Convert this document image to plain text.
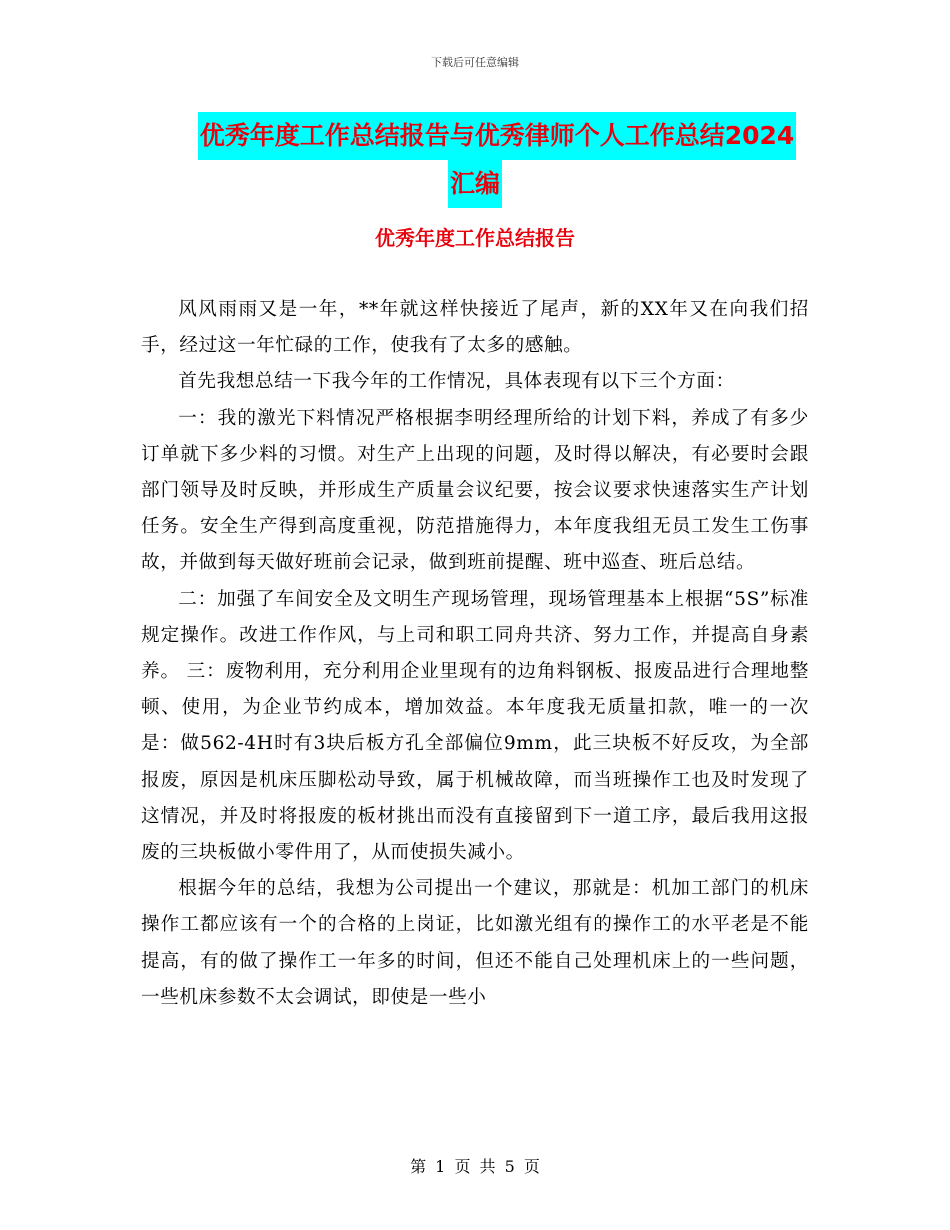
下载后可任意编辑
优秀年度工作总结报告与优秀律师个人工作总结2024
汇编
优秀年度工作总结报告

风风雨雨又是一年，**年就这样快接近了尾声，新的XX年又在向我们招手，经过这一年忙碌的工作，使我有了太多的感触。

首先我想总结一下我今年的工作情况，具体表现有以下三个方面：

一：我的激光下料情况严格根据李明经理所给的计划下料，养成了有多少订单就下多少料的习惯。对生产上出现的问题，及时得以解决，有必要时会跟部门领导及时反映，并形成生产质量会议纪要，按会议要求快速落实生产计划任务。安全生产得到高度重视，防范措施得力，本年度我组无员工发生工伤事故，并做到每天做好班前会记录，做到班前提醒、班中巡查、班后总结。

二：加强了车间安全及文明生产现场管理，现场管理基本上根据“5S”标准规定操作。改进工作作风，与上司和职工同舟共济、努力工作，并提高自身素养。 三：废物利用，充分利用企业里现有的边角料钢板、报废品进行合理地整顿、使用，为企业节约成本，增加效益。本年度我无质量扣款，唯一的一次是：做562-4H时有3块后板方孔全部偏位9mm，此三块板不好反攻，为全部报废，原因是机床压脚松动导致，属于机械故障，而当班操作工也及时发现了这情况，并及时将报废的板材挑出而没有直接留到下一道工序，最后我用这报废的三块板做小零件用了，从而使损失减小。

根据今年的总结，我想为公司提出一个建议，那就是：机加工部门的机床操作工都应该有一个的合格的上岗证，比如激光组有的操作工的水平老是不能提高，有的做了操作工一年多的时间，但还不能自己处理机床上的一些问题，一些机床参数不太会调试，即使是一些小

第 1 页 共 5 页
